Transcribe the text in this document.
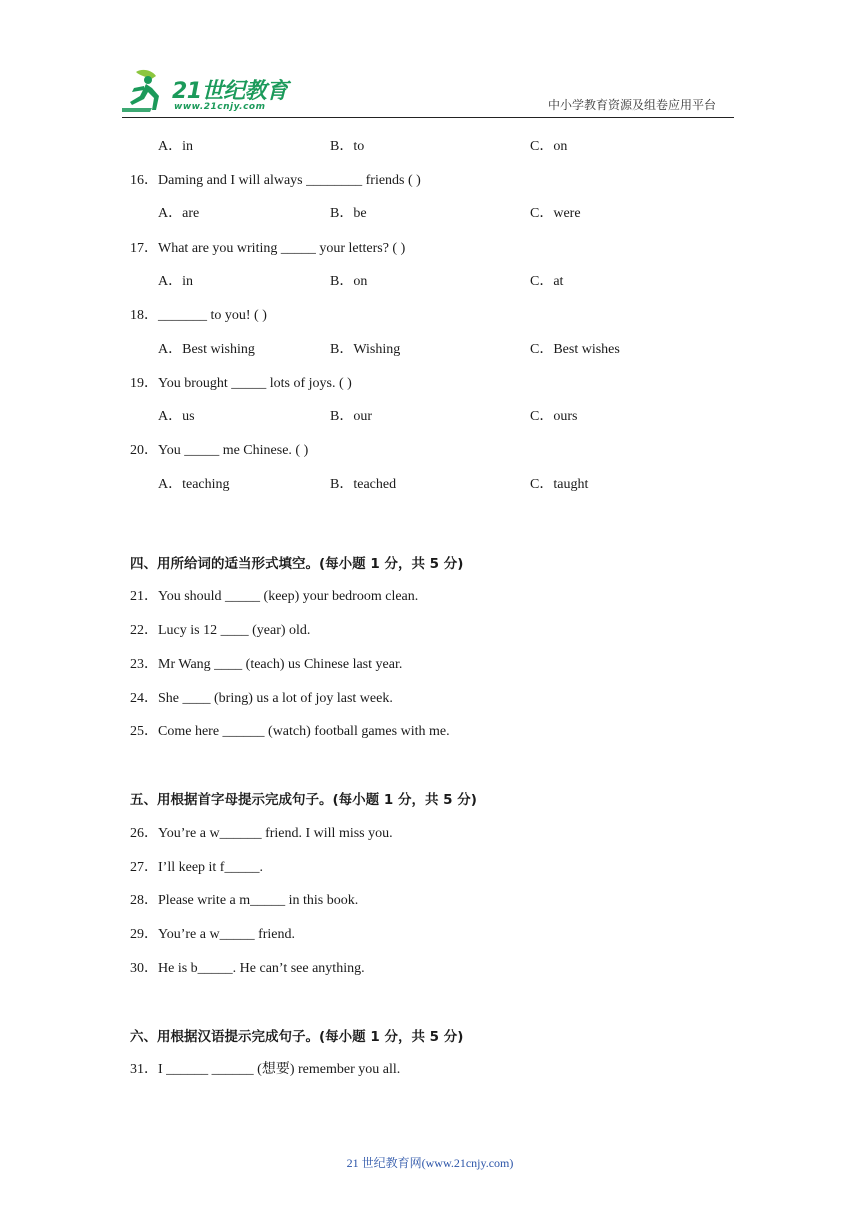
21世纪教育
www.21cnjy.com	中小学教育资源及组卷应用平台
A．in	B．to	C．on
16．Daming and I will always ________ friends ( )
A．are	B．be	C．were
17．What are you writing _____ your letters? ( )
A．in	B．on	C．at
18．_______ to you! ( )
A．Best wishing	B．Wishing	C．Best wishes
19．You brought _____ lots of joys. ( )
A．us	B．our	C．ours
20．You _____ me Chinese. ( )
A．teaching	B．teached	C．taught
四、用所给词的适当形式填空。(每小题 1 分，共 5 分)
21．You should _____ (keep) your bedroom clean.
22．Lucy is 12 ____ (year) old.
23．Mr Wang ____ (teach) us Chinese last year.
24．She ____ (bring) us a lot of joy last week.
25．Come here ______ (watch) football games with me.
五、用根据首字母提示完成句子。(每小题 1 分，共 5 分)
26．You’re a w______ friend. I will miss you.
27．I’ll keep it f_____.
28．Please write a m_____ in this book.
29．You’re a w_____ friend.
30．He is b_____. He can’t see anything.
六、用根据汉语提示完成句子。(每小题 1 分，共 5 分)
31．I ______ ______ (想要) remember you all.
21 世纪教育网(www.21cnjy.com)
